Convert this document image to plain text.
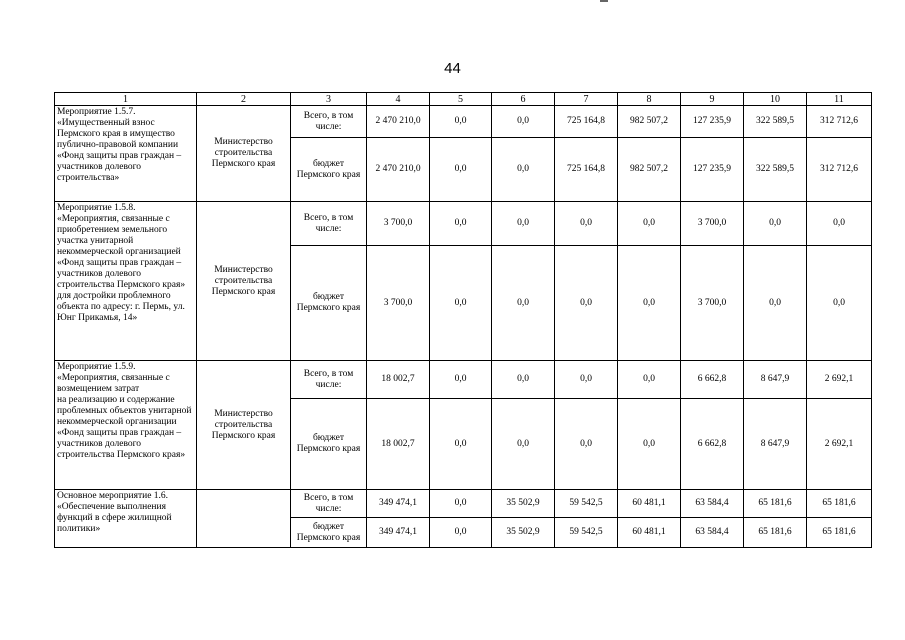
44
1	2	3	4	5	6	7	8	9	10	11
Мероприятие 1.5.7.
«Имущественный взнос Пермского края в имущество публично-правовой компании «Фонд защиты прав граждан – участников долевого строительства»	Министерство строительства Пермского края	Всего, в том числе:	2 470 210,0	0,0	0,0	725 164,8	982 507,2	127 235,9	322 589,5	312 712,6
		бюджет Пермского края	2 470 210,0	0,0	0,0	725 164,8	982 507,2	127 235,9	322 589,5	312 712,6
Мероприятие 1.5.8.
«Мероприятия, связанные с приобретением земельного участка унитарной некоммерческой организацией «Фонд защиты прав граждан – участников долевого строительства Пермского края»
для достройки проблемного объекта по адресу: г. Пермь, ул. Юнг Прикамья, 14»	Министерство строительства Пермского края	Всего, в том числе:	3 700,0	0,0	0,0	0,0	0,0	3 700,0	0,0	0,0
		бюджет Пермского края	3 700,0	0,0	0,0	0,0	0,0	3 700,0	0,0	0,0
Мероприятие 1.5.9.
«Мероприятия, связанные с возмещением затрат
на реализацию и содержание проблемных объектов унитарной некоммерческой организации «Фонд защиты прав граждан – участников долевого строительства Пермского края»	Министерство строительства Пермского края	Всего, в том числе:	18 002,7	0,0	0,0	0,0	0,0	6 662,8	8 647,9	2 692,1
		бюджет Пермского края	18 002,7	0,0	0,0	0,0	0,0	6 662,8	8 647,9	2 692,1
Основное мероприятие 1.6.
«Обеспечение выполнения функций в сфере жилищной политики»		Всего, в том числе:	349 474,1	0,0	35 502,9	59 542,5	60 481,1	63 584,4	65 181,6	65 181,6
		бюджет Пермского края	349 474,1	0,0	35 502,9	59 542,5	60 481,1	63 584,4	65 181,6	65 181,6
